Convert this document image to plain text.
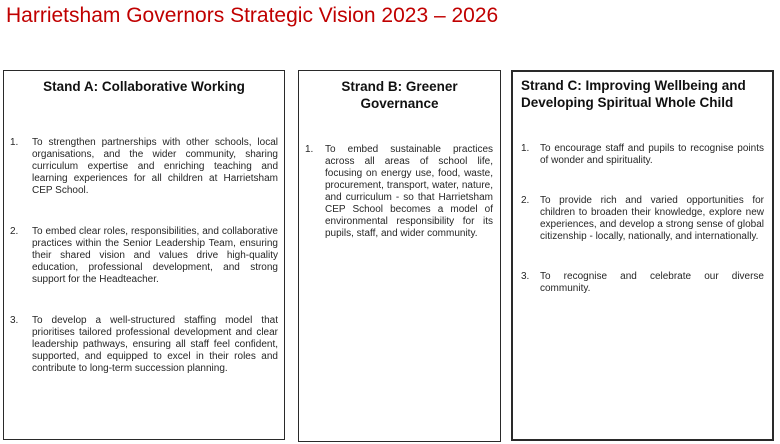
Harrietsham Governors Strategic Vision 2023 – 2026
Stand A: Collaborative Working
1.	To strengthen partnerships with other schools, local organisations, and the wider community, sharing curriculum expertise and enriching teaching and learning experiences for all children at Harrietsham CEP School.
2.	To embed clear roles, responsibilities, and collaborative practices within the Senior Leadership Team, ensuring their shared vision and values drive high-quality education, professional development, and strong support for the Headteacher.
3.	To develop a well-structured staffing model that prioritises tailored professional development and clear leadership pathways, ensuring all staff feel confident, supported, and equipped to excel in their roles and contribute to long-term succession planning.
Strand B: Greener Governance
1.	To embed sustainable practices across all areas of school life, focusing on energy use, food, waste, procurement, transport, water, nature, and curriculum - so that Harrietsham CEP School becomes a model of environmental responsibility for its pupils, staff, and wider community.
Strand C: Improving Wellbeing and Developing Spiritual Whole Child
1.	To encourage staff and pupils to recognise points of wonder and spirituality.
2.	To provide rich and varied opportunities for children to broaden their knowledge, explore new experiences, and develop a strong sense of global citizenship - locally, nationally, and internationally.
3.	To recognise and celebrate our diverse community.
